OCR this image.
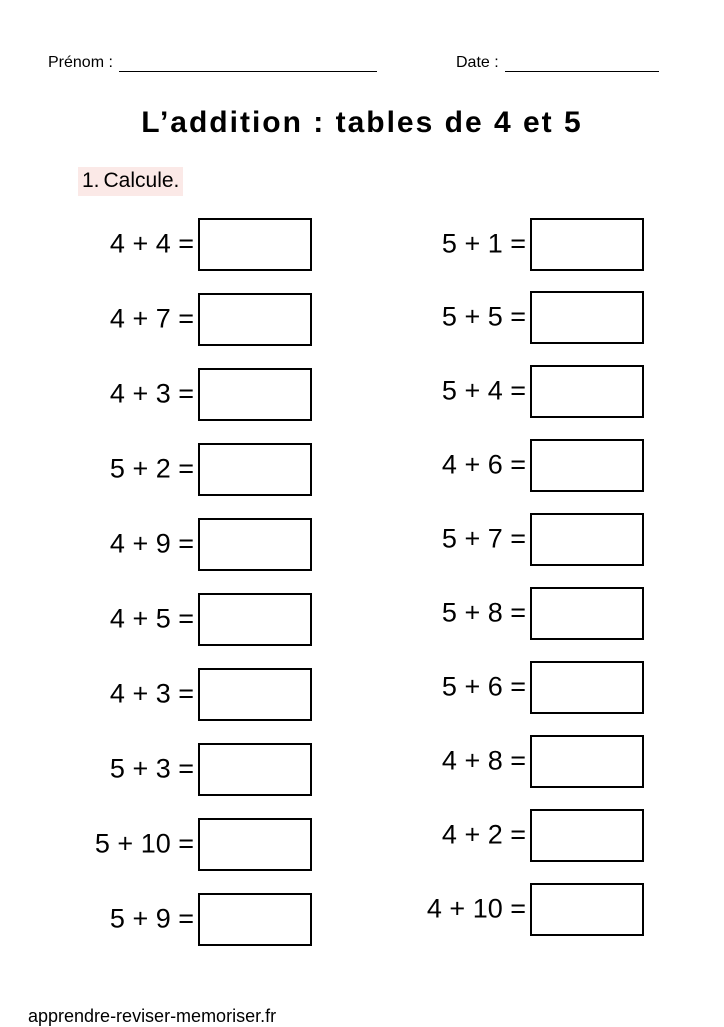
Prénom :	Date :
L’addition : tables de 4 et 5
1. Calcule.
4 + 4 =
4 + 7 =
4 + 3 =
5 + 2 =
4 + 9 =
4 + 5 =
4 + 3 =
5 + 3 =
5 + 10 =
5 + 9 =
5 + 1 =
5 + 5 =
5 + 4 =
4 + 6 =
5 + 7 =
5 + 8 =
5 + 6 =
4 + 8 =
4 + 2 =
4 + 10 =
apprendre-reviser-memoriser.fr
